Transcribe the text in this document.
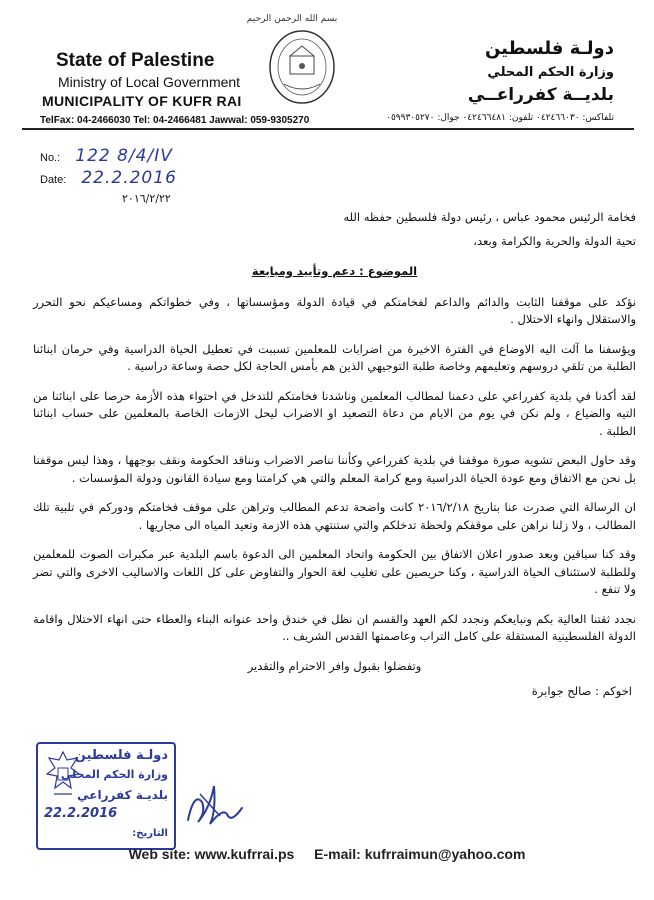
State of Palestine
Ministry of Local Government
MUNICIPALITY OF KUFR RAI
TelFax: 04-2466030 Tel: 04-2466481 Jawwal: 059-9305270
بسم الله الرحمن الرحيم
دولـة فلسطين
وزارة الحكم المحلي
بلديــة كفرراعــي
تلفاكس: ٠٤٢٤٦٦٠٣٠ تلفون: ٠٤٢٤٦٦٤٨١ جوال: ٠٥٩٩٣٠٥٢٧٠
No.: 122 8/4/IV
Date: 22.2.2016
٢٠١٦/٢/٢٢

فخامة الرئيس محمود عباس ، رئيس دولة فلسطين حفظه الله

تحية الدولة والحرية والكرامة وبعد،

الموضوع : دعم وتأييد ومبايعة

نؤكد على موقفنا الثابت والدائم والداعم لفخامتكم في قيادة الدولة ومؤسساتها ، وفي خطواتكم ومساعيكم نحو التحرر والاستقلال وانهاء الاحتلال .

ويؤسفنا ما آلت اليه الاوضاع في الفترة الاخيرة من اضرابات للمعلمين تسببت في تعطيل الحياة الدراسية وفي حرمان ابنائنا الطلبة من تلقي دروسهم وتعليمهم وخاصة طلبة التوجيهي الذين هم بأمس الحاجة لكل حصة وساعة دراسية .

لقد أكدنا في بلدية كفرراعي على دعمنا لمطالب المعلمين وناشدنا فخامتكم للتدخل في احتواء هذه الأزمة حرصا على ابنائنا من التيه والضياع ، ولم نكن في يوم من الايام من دعاة التصعيد او الاضراب ليحل الازمات الخاصة بالمعلمين على حساب ابنائنا الطلبة .

وقد حاول البعض تشويه صورة موقفنا في بلدية كفرراعي وكأننا نناصر الاضراب ونناقد الحكومة ونقف بوجهها ، وهذا ليس موقفنا بل نحن مع الاتفاق ومع عودة الحياة الدراسية ومع كرامة المعلم والتي هي كرامتنا ومع سيادة القانون ودولة المؤسسات .

ان الرسالة التي صدرت عنا بتاريخ ٢٠١٦/٢/١٨ كانت واضحة تدعم المطالب وتراهن على موقف فخامتكم ودوركم في تلبية تلك المطالب ، ولا زلنا نراهن على موقفكم ولحظة تدخلكم والتي ستنتهي هذه الازمة وتعيد المياه الى مجاريها .

وقد كنا سباقين وبعد صدور اعلان الاتفاق بين الحكومة واتحاد المعلمين الى الدعوة باسم البلدية عبر مكبرات الصوت للمعلمين وللطلبة لاستئناف الحياة الدراسية ، وكنا حريصين على تغليب لغة الحوار والتفاوض على كل اللغات والاساليب الاخرى والتي تضر ولا تنفع .

نجدد ثقتنا العالية بكم ونبايعكم ونجدد لكم العهد والقسم ان نظل في خندق واحد عنوانه البناء والعطاء حتى انهاء الاحتلال واقامة الدولة الفلسطينية المستقلة على كامل التراب وعاصمتها القدس الشريف ..

وتفضلوا بقبول وافر الاحترام والتقدير

اخوكم : صالح جوابرة

دولـة فلسطين
وزارة الحكم المحلي
بلديـة كفرراعي
22.2.2016
التاريخ:
Web site: www.kufrrai.ps E-mail: kufrraimun@yahoo.com
